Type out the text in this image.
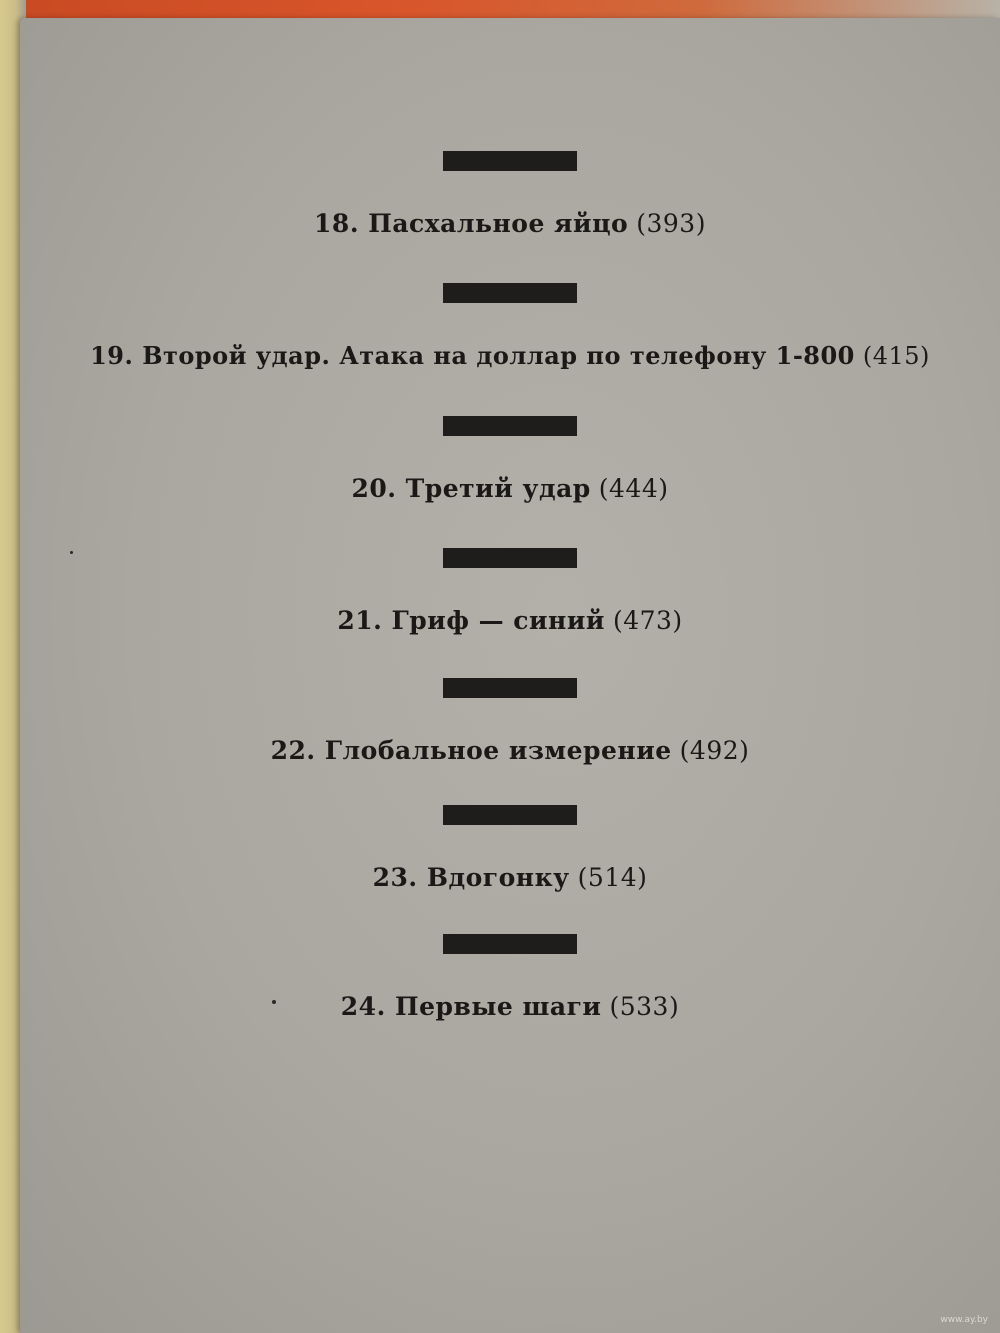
18. Пасхальное яйцо (393)
19. Второй удар. Атака на доллар по телефону 1-800 (415)
20. Третий удар (444)
21. Гриф — синий (473)
22. Глобальное измерение (492)
23. Вдогонку (514)
24. Первые шаги (533)
www.ay.by
